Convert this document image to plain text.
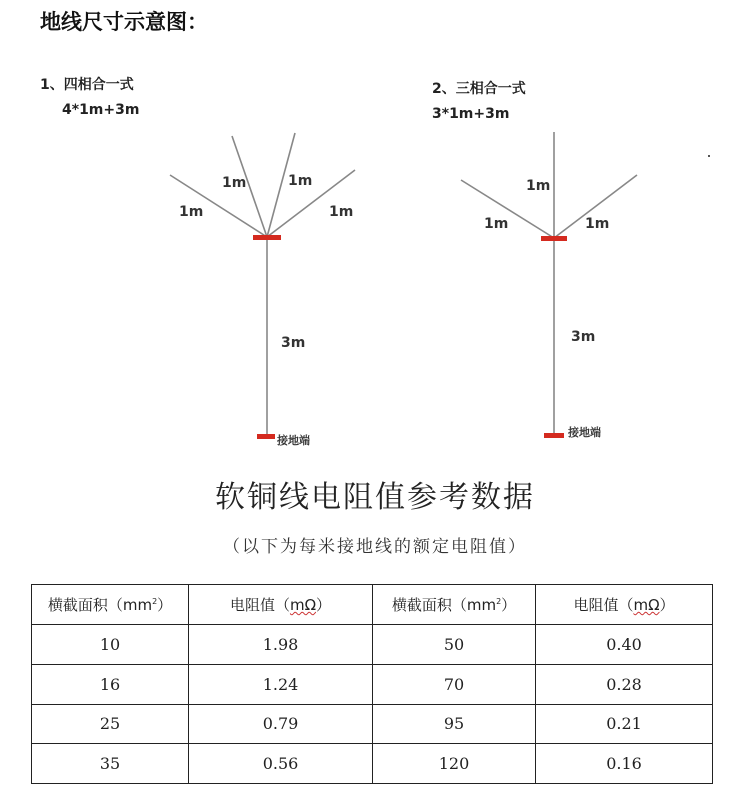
地线尺寸示意图：
1、四相合一式
4*1m+3m
2、三相合一式
3*1m+3m
1m
1m	1m
1m
3m
接地端
1m
1m
1m
3m
接地端
软铜线电阻值参考数据
（以下为每米接地线的额定电阻值）
横截面积$(mm^2)$	电阻值（mΩ）	横截面积$(mm^2)$	电阻值（mΩ）
10	1.98	50	0.40
16	1.24	70	0.28
25	0.79	95	0.21
35	0.56	120	0.16
